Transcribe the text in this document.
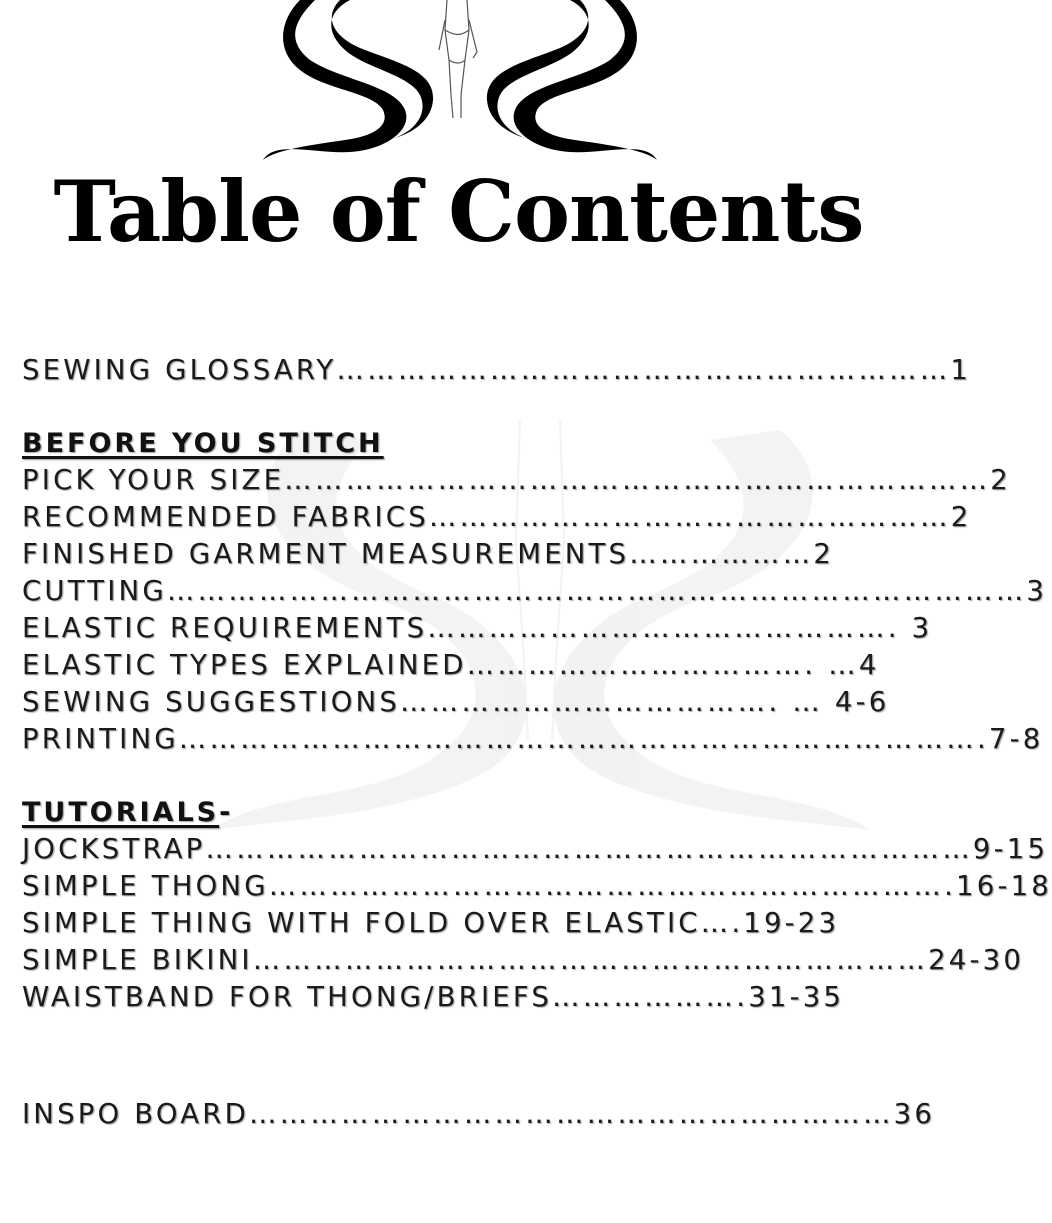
Table of Contents
SEWING GLOSSARY……………………………………………………1
BEFORE YOU STITCH
PICK YOUR SIZE……………………………………………………………2
RECOMMENDED FABRICS……………………………………………2
FINISHED GARMENT MEASUREMENTS………………2
CUTTING…………………………………………………………………………3
ELASTIC REQUIREMENTS………………………………………. 3
ELASTIC TYPES EXPLAINED……………………………. …4
SEWING SUGGESTIONS………………………………. … 4-6
PRINTING…………………………………………………………………….7-8
TUTORIALS-
JOCKSTRAP…………………………………………………………………9-15
SIMPLE THONG………………………………………………………….16-18
SIMPLE THING WITH FOLD OVER ELASTIC….19-23
SIMPLE BIKINI…………………………………………………………24-30
WAISTBAND FOR THONG/BRIEFS……………….31-35
INSPO BOARD………………………………………………………36
